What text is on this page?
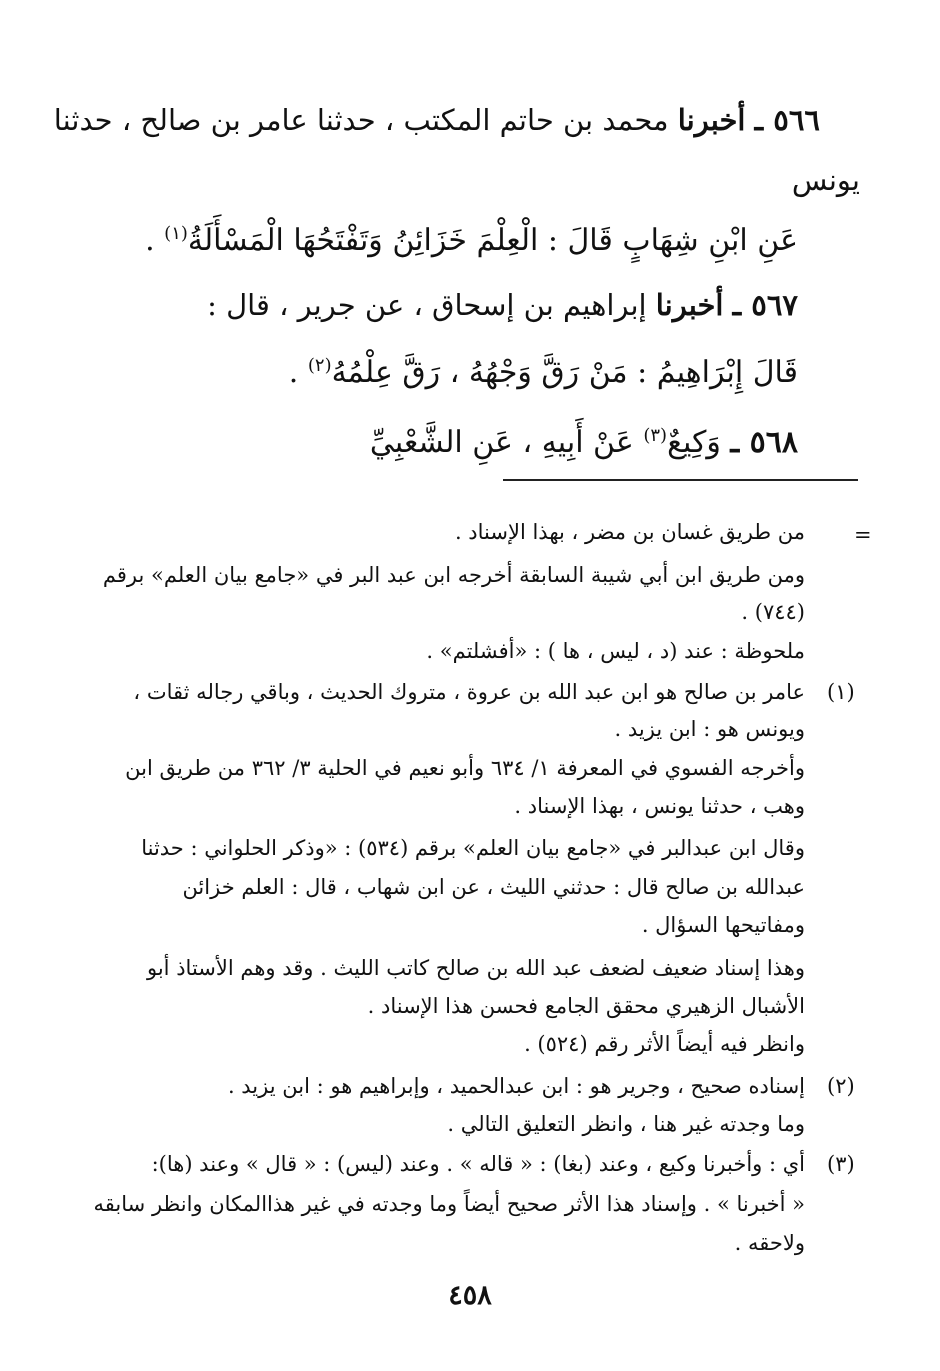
٥٦٦ ـ أخبرنا محمد بن حاتم المكتب ، حدثنا عامر بن صالح ، حدثنا
يونس
عَنِ ابْنِ شِهَابٍ قَالَ : الْعِلْمَ خَزَائِنُ وَتَفْتَحُهَا الْمَسْأَلَةُ$^{(١)}$ .
٥٦٧ ـ أخبرنا إبراهيم بن إسحاق ، عن جرير ، قال :
قَالَ إِبْرَاهِيمُ : مَنْ رَقَّ وَجْهُهُ ، رَقَّ عِلْمُهُ$^{(٢)}$ .
٥٦٨ ـ وَكِيعٌ$^{(٣)}$ عَنْ أَبِيهِ ، عَنِ الشَّعْبِيِّ
=
من طريق غسان بن مضر ، بهذا الإسناد .
ومن طريق ابن أبي شيبة السابقة أخرجه ابن عبد البر في «جامع بيان العلم» برقم
(٧٤٤) .
ملحوظة : عند (د ، ليس ، ها ) : «أفشلتم» .
(١)
عامر بن صالح هو ابن عبد الله بن عروة ، متروك الحديث ، وباقي رجاله ثقات ،
ويونس هو : ابن يزيد .
وأخرجه الفسوي في المعرفة ١/ ٦٣٤ وأبو نعيم في الحلية ٣/ ٣٦٢ من طريق ابن
وهب ، حدثنا يونس ، بهذا الإسناد .
وقال ابن عبدالبر في «جامع بيان العلم» برقم (٥٣٤) : «وذكر الحلواني : حدثنا
عبدالله بن صالح قال : حدثني الليث ، عن ابن شهاب ، قال : العلم خزائن
ومفاتيحها السؤال .
وهذا إسناد ضعيف لضعف عبد الله بن صالح كاتب الليث . وقد وهم الأستاذ أبو
الأشبال الزهيري محقق الجامع فحسن هذا الإسناد .
وانظر فيه أيضاً الأثر رقم (٥٢٤) .
(٢)
إسناده صحيح ، وجرير هو : ابن عبدالحميد ، وإبراهيم هو : ابن يزيد .
وما وجدته غير هنا ، وانظر التعليق التالي .
(٣)
أي : وأخبرنا وكيع ، وعند (بغا) : « قاله » . وعند (ليس) : « قال » وعند (ها):
« أخبرنا » . وإسناد هذا الأثر صحيح أيضاً وما وجدته في غير هذاالمكان وانظر سابقه
ولاحقه .
٤٥٨
